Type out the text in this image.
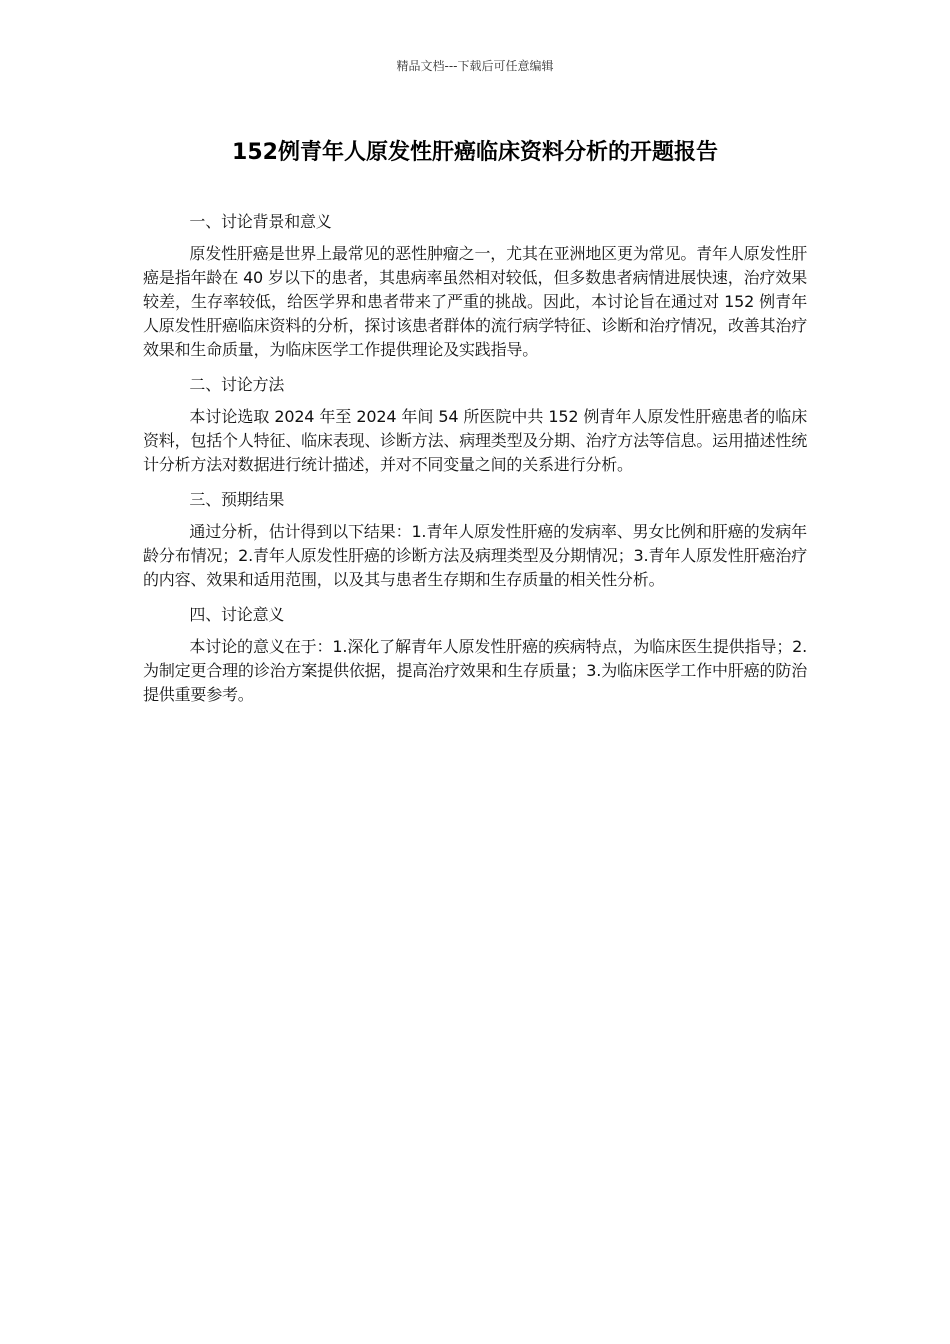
精品文档---下载后可任意编辑
152例青年人原发性肝癌临床资料分析的开题报告

一、讨论背景和意义

原发性肝癌是世界上最常见的恶性肿瘤之一，尤其在亚洲地区更为常见。青年人原发性肝癌是指年龄在 40 岁以下的患者，其患病率虽然相对较低，但多数患者病情进展快速，治疗效果较差，生存率较低，给医学界和患者带来了严重的挑战。因此，本讨论旨在通过对 152 例青年人原发性肝癌临床资料的分析，探讨该患者群体的流行病学特征、诊断和治疗情况，改善其治疗效果和生命质量，为临床医学工作提供理论及实践指导。

二、讨论方法

本讨论选取 2024 年至 2024 年间 54 所医院中共 152 例青年人原发性肝癌患者的临床资料，包括个人特征、临床表现、诊断方法、病理类型及分期、治疗方法等信息。运用描述性统计分析方法对数据进行统计描述，并对不同变量之间的关系进行分析。

三、预期结果

通过分析，估计得到以下结果：1.青年人原发性肝癌的发病率、男女比例和肝癌的发病年龄分布情况；2.青年人原发性肝癌的诊断方法及病理类型及分期情况；3.青年人原发性肝癌治疗的内容、效果和适用范围，以及其与患者生存期和生存质量的相关性分析。

四、讨论意义

本讨论的意义在于：1.深化了解青年人原发性肝癌的疾病特点，为临床医生提供指导；2.为制定更合理的诊治方案提供依据，提高治疗效果和生存质量；3.为临床医学工作中肝癌的防治提供重要参考。
